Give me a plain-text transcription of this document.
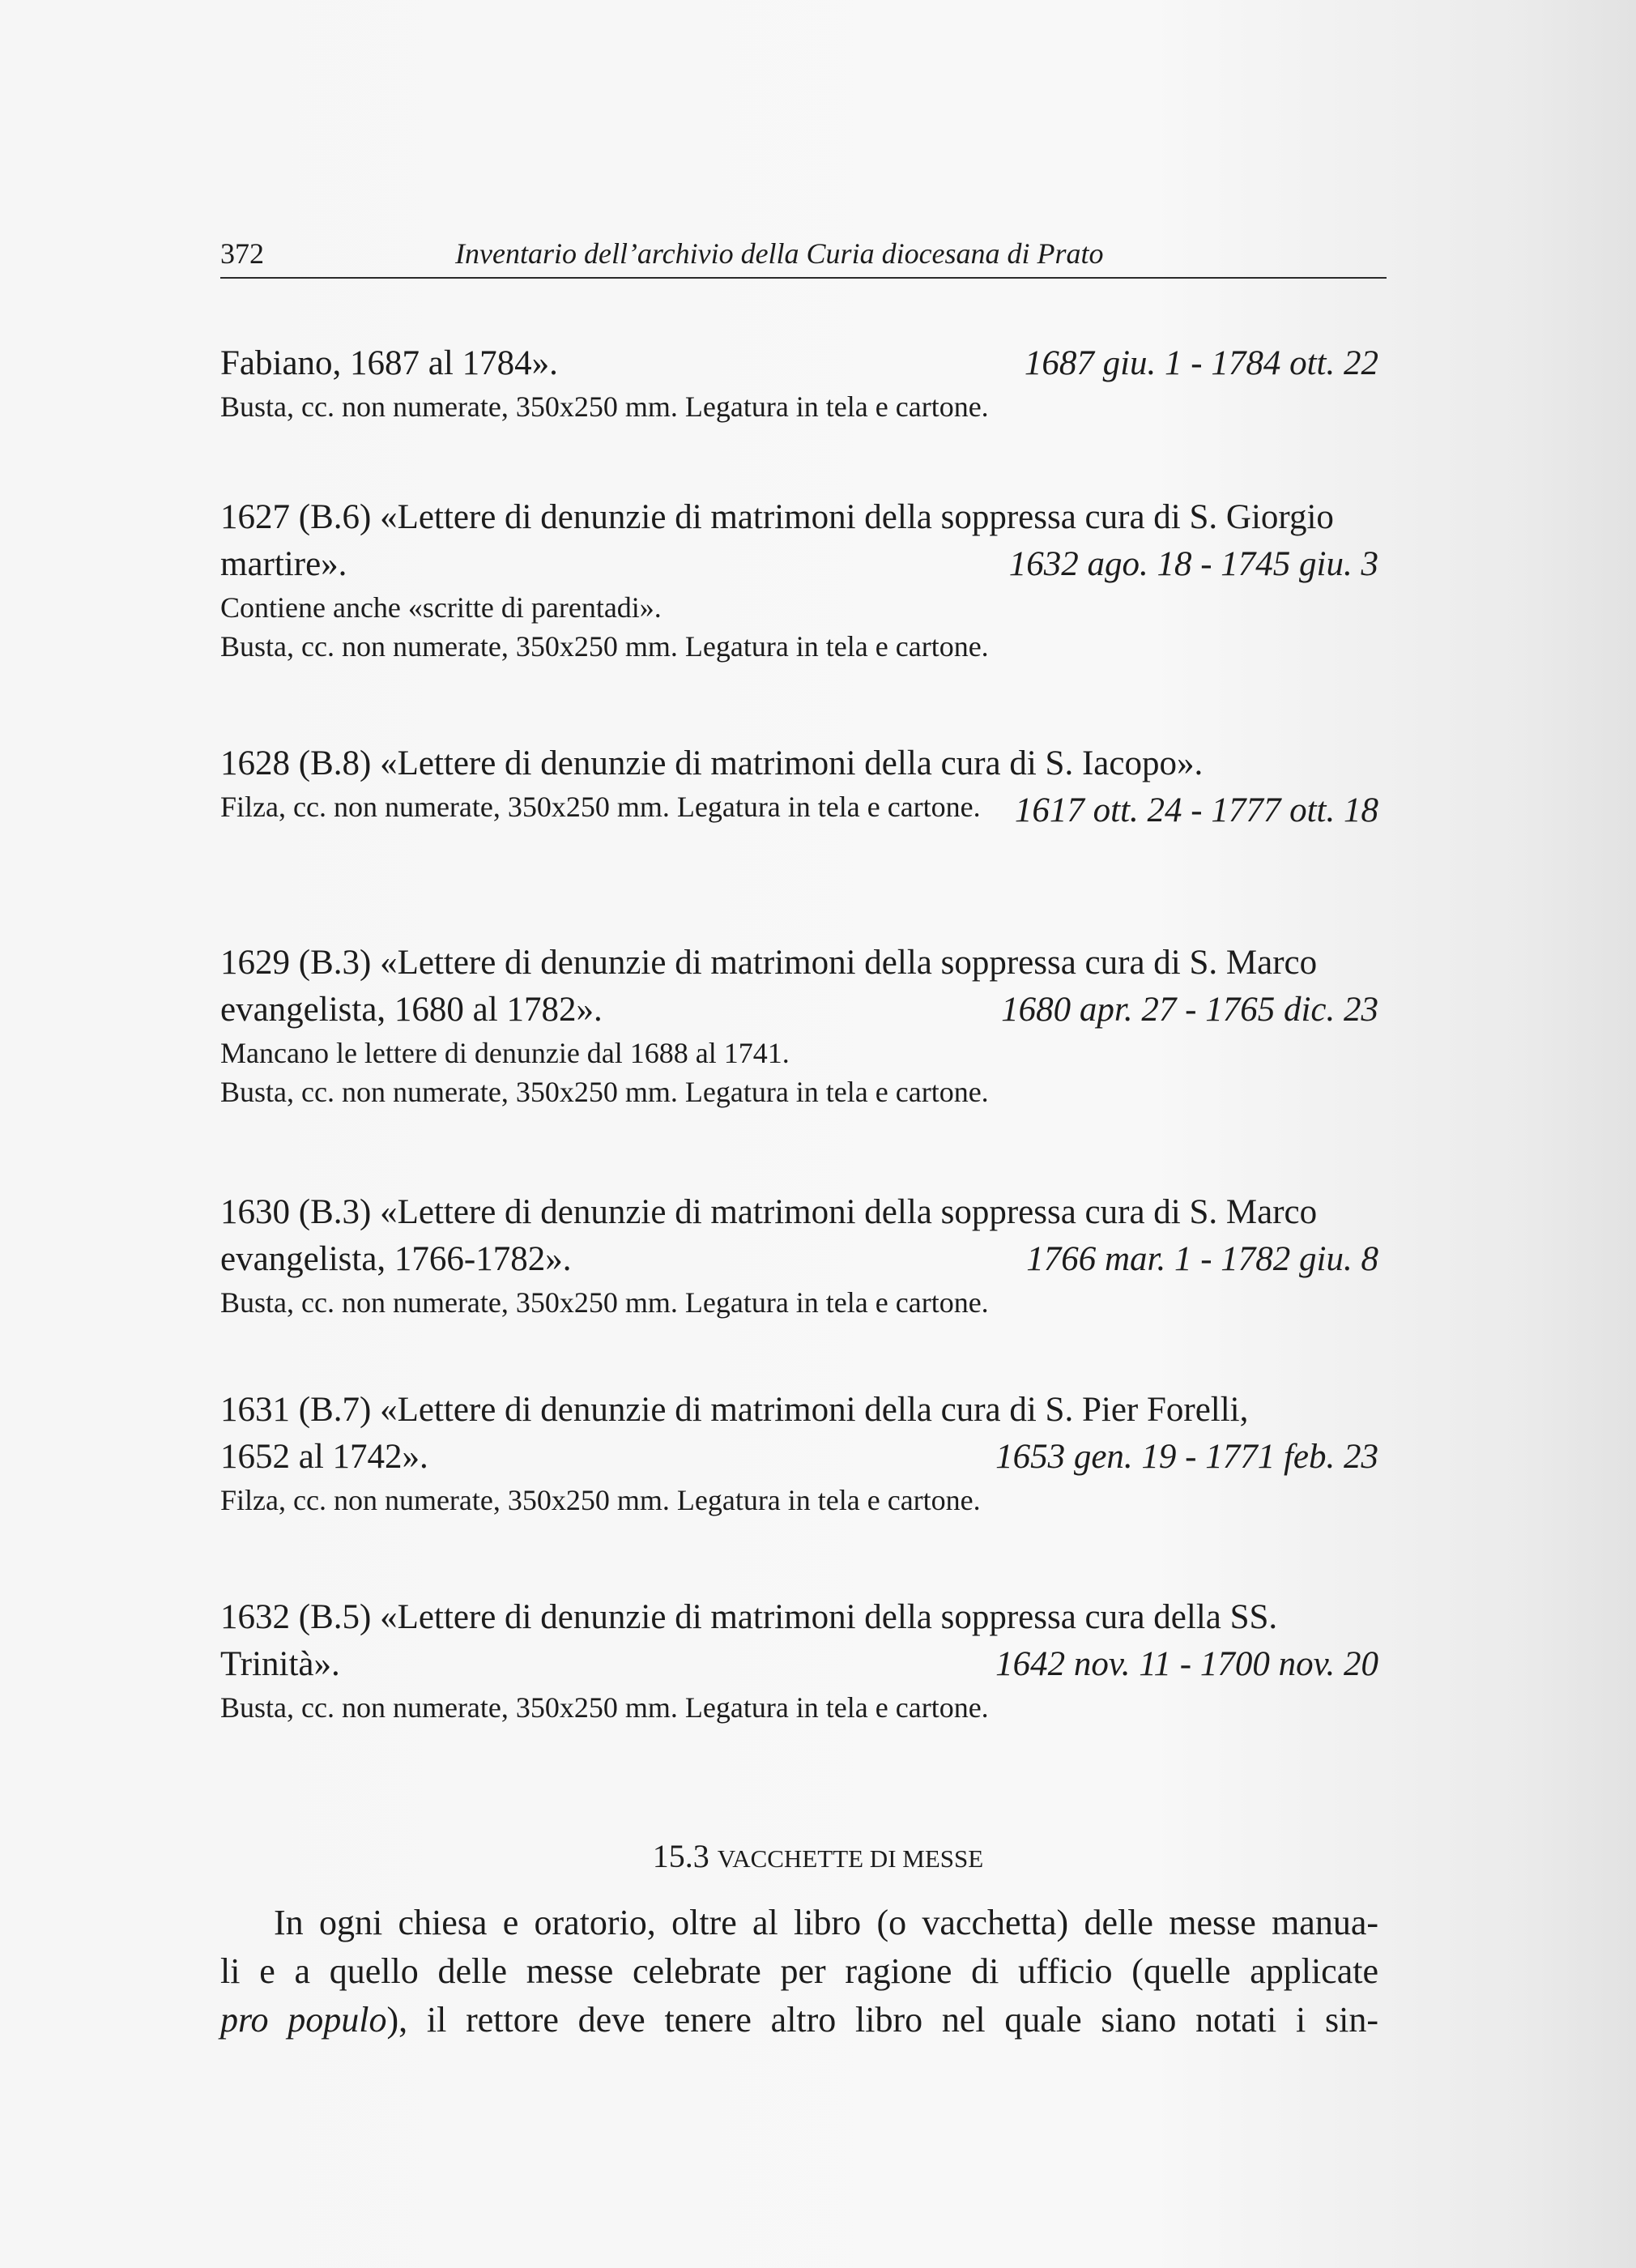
372	Inventario dell’archivio della Curia diocesana di Prato
Fabiano, 1687 al 1784».	1687 giu. 1 - 1784 ott. 22
Busta, cc. non numerate, 350x250 mm. Legatura in tela e cartone.
1627 (B.6) «Lettere di denunzie di matrimoni della soppressa cura di S. Giorgio
martire».	1632 ago. 18 - 1745 giu. 3
Contiene anche «scritte di parentadi».
Busta, cc. non numerate, 350x250 mm. Legatura in tela e cartone.
1628 (B.8) «Lettere di denunzie di matrimoni della cura di S. Iacopo».
1617 ott. 24 - 1777 ott. 18
Filza, cc. non numerate, 350x250 mm. Legatura in tela e cartone.
1629 (B.3) «Lettere di denunzie di matrimoni della soppressa cura di S. Marco
evangelista, 1680 al 1782».	1680 apr. 27 - 1765 dic. 23
Mancano le lettere di denunzie dal 1688 al 1741.
Busta, cc. non numerate, 350x250 mm. Legatura in tela e cartone.
1630 (B.3) «Lettere di denunzie di matrimoni della soppressa cura di S. Marco
evangelista, 1766-1782».	1766 mar. 1 - 1782 giu. 8
Busta, cc. non numerate, 350x250 mm. Legatura in tela e cartone.
1631 (B.7) «Lettere di denunzie di matrimoni della cura di S. Pier Forelli,
1652 al 1742».	1653 gen. 19 - 1771 feb. 23
Filza, cc. non numerate, 350x250 mm. Legatura in tela e cartone.
1632 (B.5) «Lettere di denunzie di matrimoni della soppressa cura della SS.
Trinità».	1642 nov. 11 - 1700 nov. 20
Busta, cc. non numerate, 350x250 mm. Legatura in tela e cartone.
15.3 VACCHETTE DI MESSE
In ogni chiesa e oratorio, oltre al libro (o vacchetta) delle messe manua-
li e a quello delle messe celebrate per ragione di ufficio (quelle applicate
pro populo), il rettore deve tenere altro libro nel quale siano notati i sin-
